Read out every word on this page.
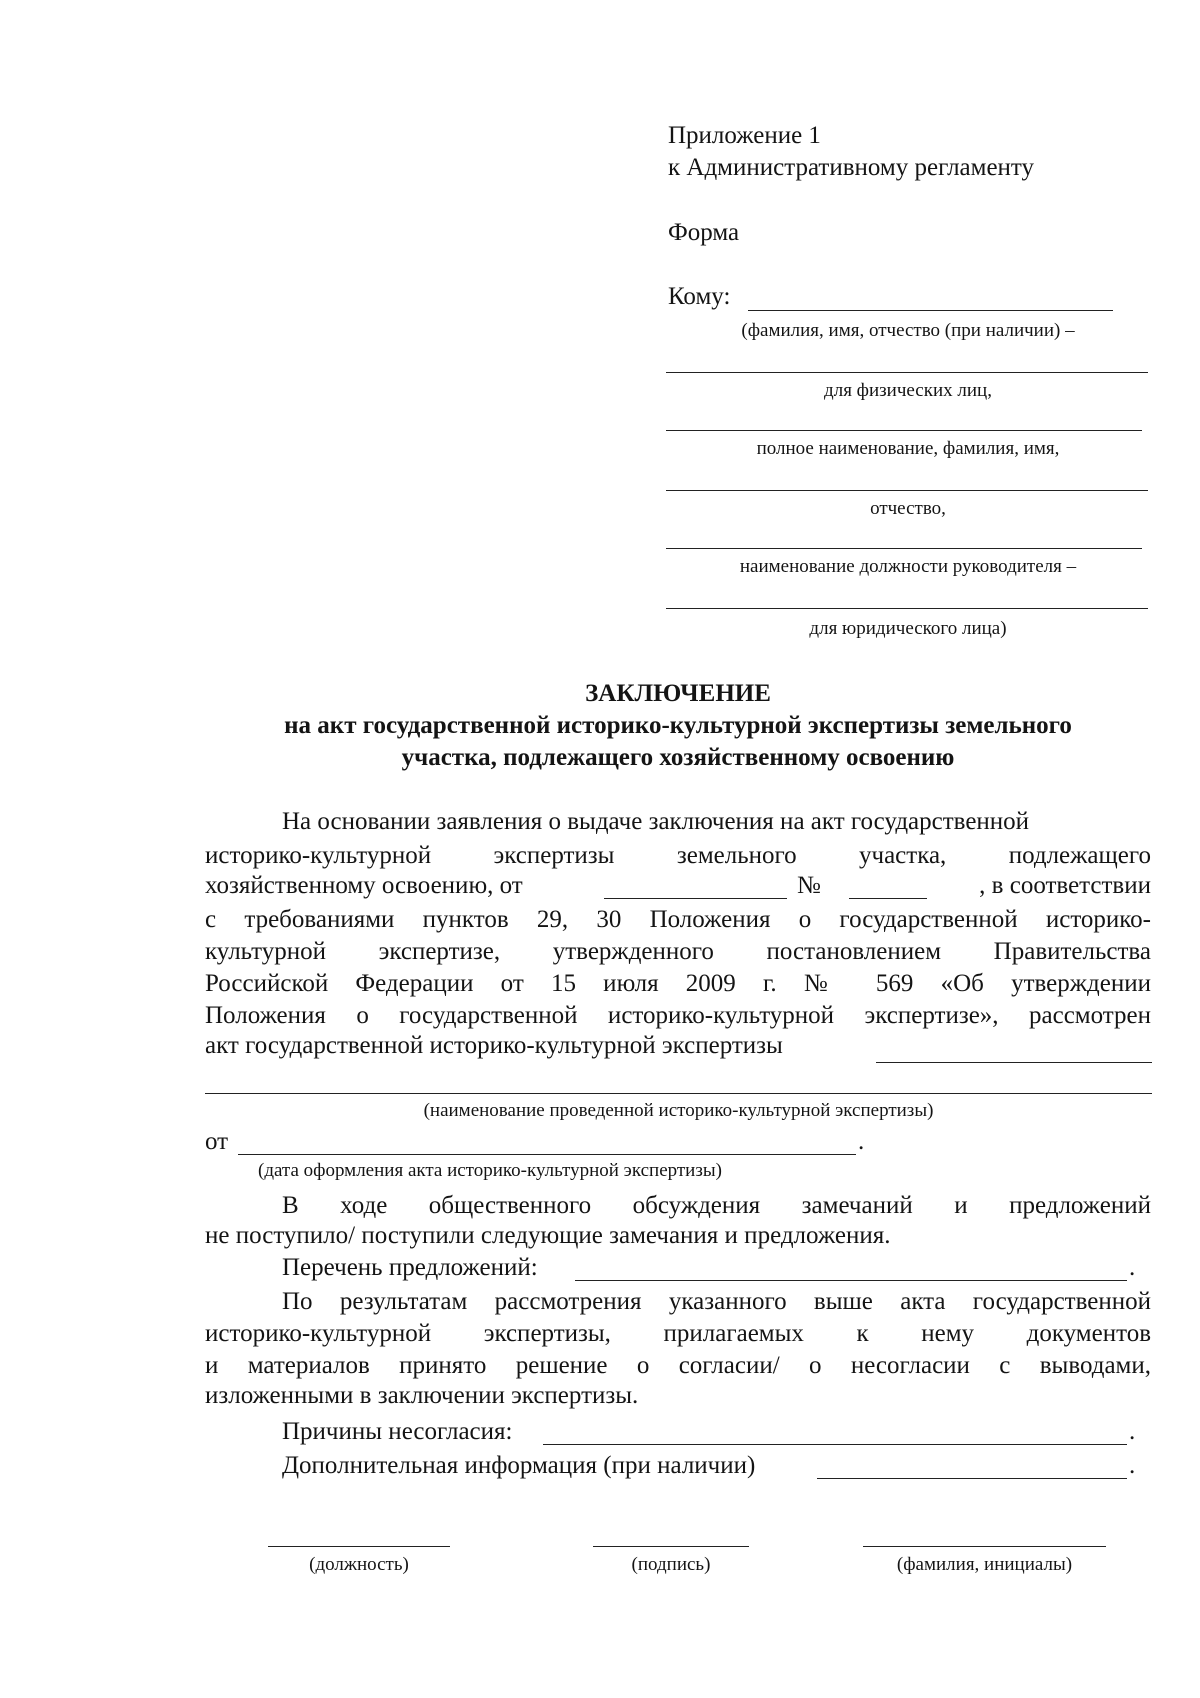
Приложение 1
к Административному регламенту
Форма
Кому:
(фамилия, имя, отчество (при наличии) –
для физических лиц,
полное наименование, фамилия, имя,
отчество,
наименование должности руководителя –
для юридического лица)
ЗАКЛЮЧЕНИЕ
на акт государственной историко-культурной экспертизы земельного
участка, подлежащего хозяйственному освоению
На основании заявления о выдаче заключения на акт государственной
историко-культурной экспертизы земельного участка, подлежащего
хозяйственному освоению, от	№	, в соответствии
с требованиями пунктов 29, 30 Положения о государственной историко-
культурной экспертизе, утвержденного постановлением Правительства
Российской Федерации от 15 июля 2009 г. № 569 «Об утверждении
Положения о государственной историко-культурной экспертизе», рассмотрен
акт государственной историко-культурной экспертизы
(наименование проведенной историко-культурной экспертизы)
от	.
(дата оформления акта историко-культурной экспертизы)
В ходе общественного обсуждения замечаний и предложений
не поступило/ поступили следующие замечания и предложения.
Перечень предложений:	.
По результатам рассмотрения указанного выше акта государственной
историко-культурной экспертизы, прилагаемых к нему документов
и материалов принято решение о согласии/ о несогласии с выводами,
изложенными в заключении экспертизы.
Причины несогласия:	.
Дополнительная информация (при наличии)	.
(должность)	(подпись)	(фамилия, инициалы)
